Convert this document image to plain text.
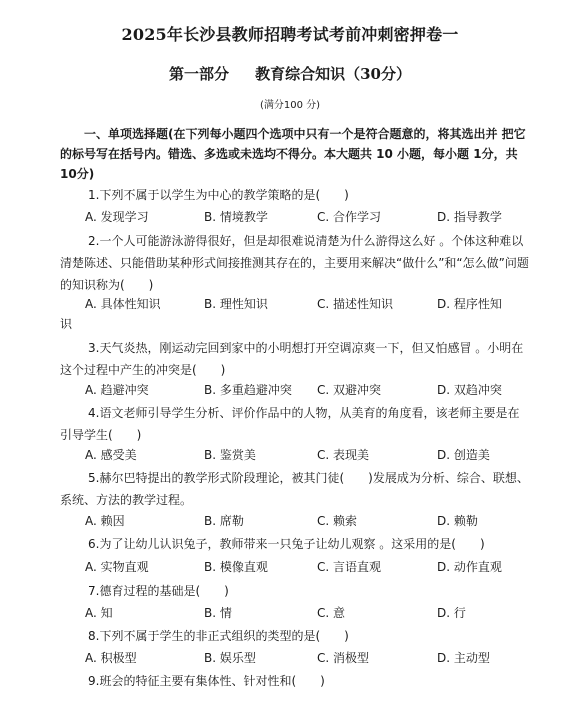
2025年长沙县教师招聘考试考前冲刺密押卷一
第一部分     教育综合知识（30分）
(满分100 分)
一、单项选择题(在下列每小题四个选项中只有一个是符合题意的，将其选出并 把它的标号写在括号内。错选、多选或未选均不得分。本大题共 10 小题，每小题 1分，共10分)
1.下列不属于以学生为中心的教学策略的是(　　)
A. 发现学习	B. 情境教学	C. 合作学习	D. 指导教学
2.一个人可能游泳游得很好，但是却很难说清楚为什么游得这么好 。个体这种难以清楚陈述、只能借助某种形式间接推测其存在的，主要用来解决“做什么”和“怎么做”问题的知识称为(　　)
A. 具体性知识	B. 理性知识	C. 描述性知识	D. 程序性知
识
3.天气炎热，刚运动完回到家中的小明想打开空调凉爽一下，但又怕感冒 。小明在这个过程中产生的冲突是(　　)
A. 趋避冲突	B. 多重趋避冲突 C. 双避冲突	D. 双趋冲突
4.语文老师引导学生分析、评价作品中的人物，从美育的角度看，该老师主要是在引导学生(　　)
A. 感受美	B. 鉴赏美	C. 表现美	D. 创造美
5.赫尔巴特提出的教学形式阶段理论，被其门徒(　　)发展成为分析、综合、联想、系统、方法的教学过程。
A. 赖因	B. 席勒	C. 赖索	D. 赖勒
6.为了让幼儿认识兔子，教师带来一只兔子让幼儿观察 。这采用的是(　　)
A. 实物直观	B. 模像直观	C. 言语直观	D. 动作直观
7.德育过程的基础是(　　)
A. 知	B. 情	C. 意	D. 行
8.下列不属于学生的非正式组织的类型的是(　　)
A. 积极型	B. 娱乐型	C. 消极型	D. 主动型
9.班会的特征主要有集体性、针对性和(　　)
